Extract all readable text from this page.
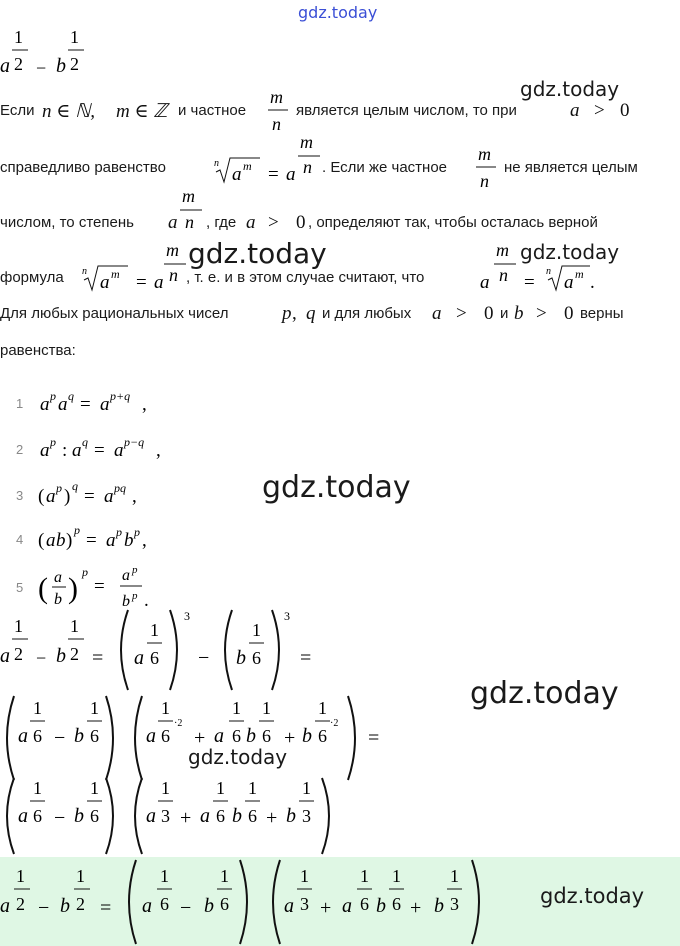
gdz.today
gdz.today
gdz.today	gdz.today
gdz.today
gdz.today
gdz.today
gdz.today
a
1
2 − b
1
2
Если n ∈ ℕ, m ∈ ℤ и частное
m
n
является целым числом, то при	a > 0
справедливо равенство	n
a m = a
m
n . Если же частное
m
n
не является целым
числом, то степень a
m
n , где a > 0 , определяют так, чтобы осталась верной
формула n
a m = a
m
n , т. е. и в этом случае считают, что	a
m
n =
n
a m .
Для любых рациональных чисел	p , q и для любых a > 0 и b > 0 верны
равенства:
1 a p a q = a p+q ,
2 a p : a q = a p−q ,
3 ( a p ) q = a pq ,
4 ( a b ) p = a p b p ,
5 ( a
b ) p
=
a p
b p .
a
1
2 − b
1
2 = a
1
6
3
− b
1
6
3
=
a
1
6 − b
1
6 a
1
6
·2
+ a
1
6 b
1
6 + b
1
6
·2
=
a
1
6 − b
1
6 a
1
3 + a
1
6 b
1
6 + b
1
3
a
1
2 − b
1
2 = a
1
6 − b
1
6	a
1
3 + a
1
6 b
1
6 + b
1
3
